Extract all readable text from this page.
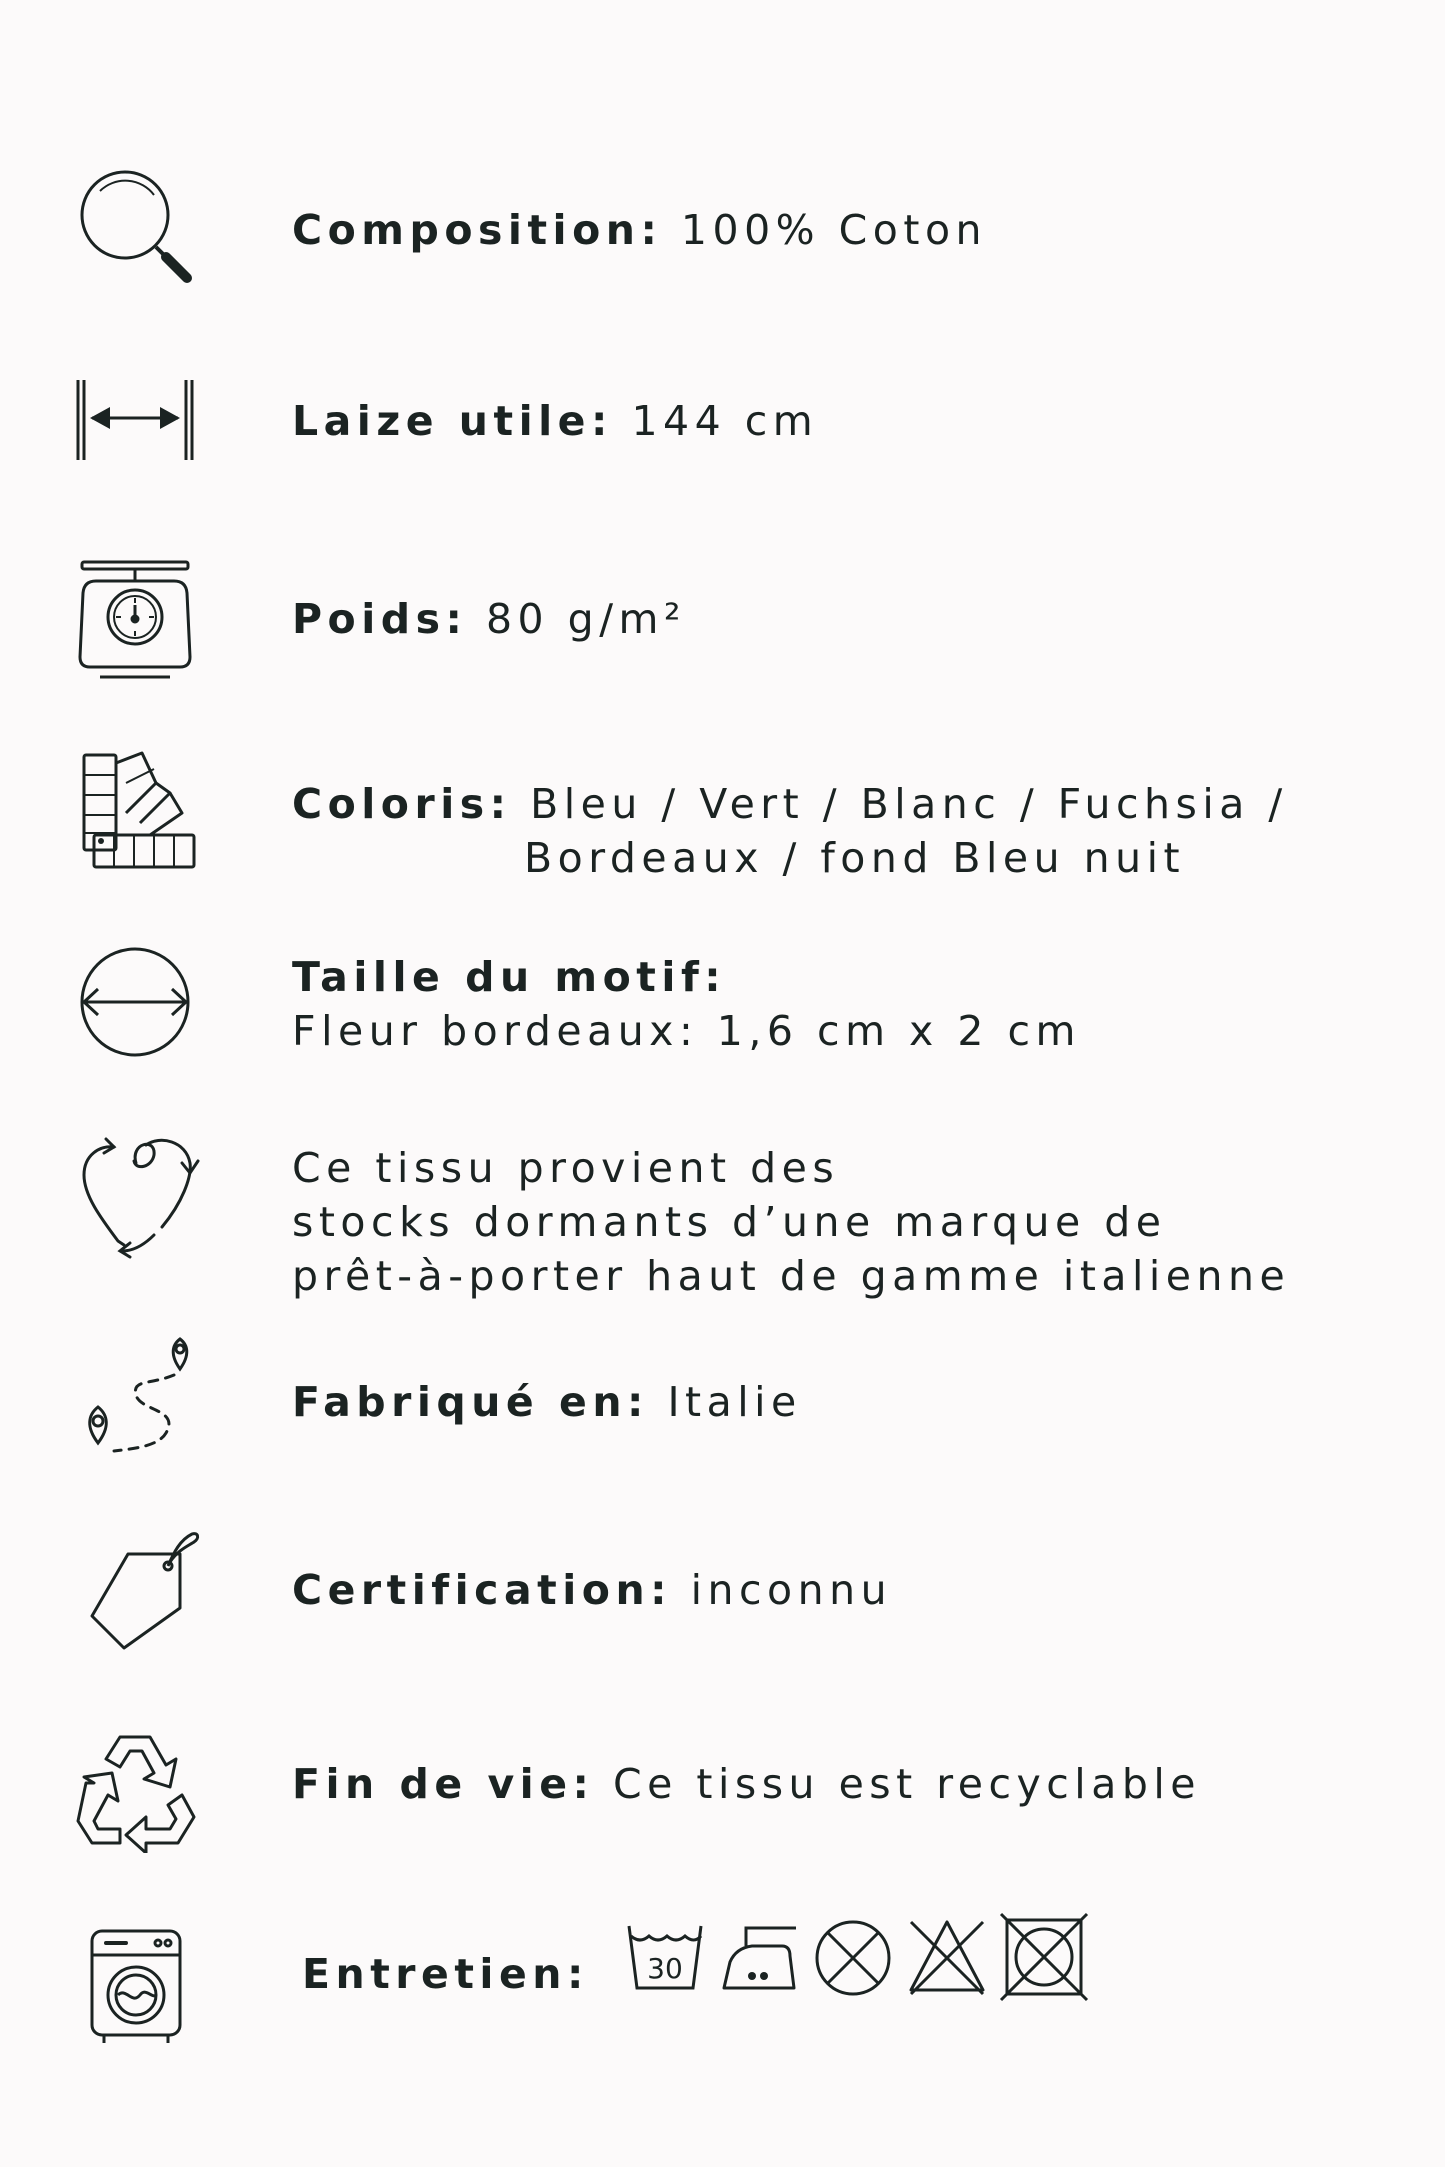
Composition: 100% Coton
Laize utile: 144 cm
Poids: 80 g/m²
Coloris: Bleu / Vert / Blanc / Fuchsia /
Bordeaux / fond Bleu nuit
Taille du motif:
Fleur bordeaux: 1,6 cm x 2 cm
Ce tissu provient des
stocks dormants d’une marque de
prêt-à-porter haut de gamme italienne
Fabriqué en: Italie
Certification: inconnu
Fin de vie: Ce tissu est recyclable
Entretien: 30
